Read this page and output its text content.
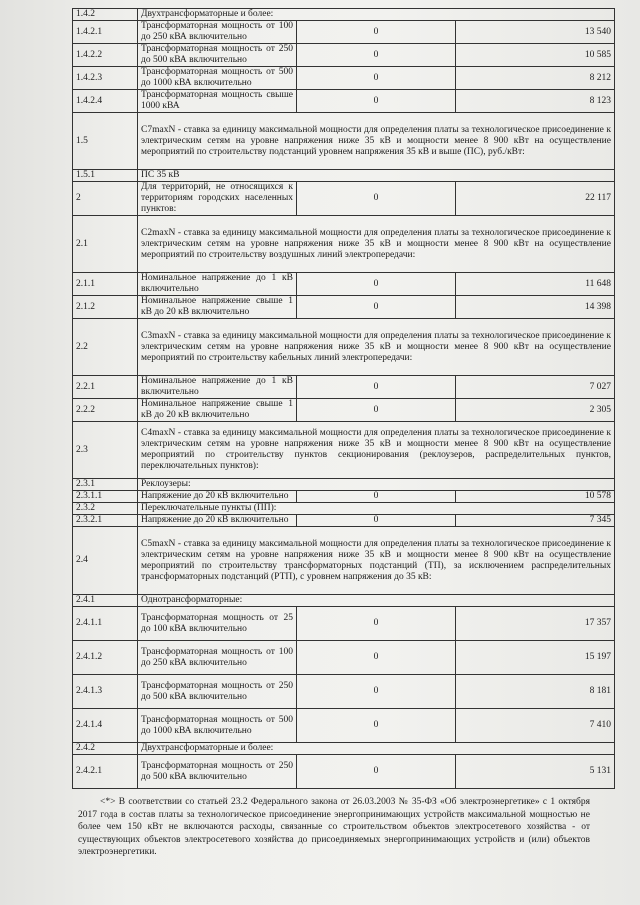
1.4.2	Двухтрансформаторные и более:		
1.4.2.1	Трансформаторная мощность от 100 до 250 кВА включительно	0	13 540
1.4.2.2	Трансформаторная мощность от 250 до 500 кВА включительно	0	10 585
1.4.2.3	Трансформаторная мощность от 500 до 1000 кВА включительно	0	8 212
1.4.2.4	Трансформаторная мощность свыше 1000 кВА	0	8 123
1.5	С7maxN - ставка за единицу максимальной мощности для определения платы за технологическое присоединение к электрическим сетям на уровне напряжения ниже 35 кВ и мощности менее 8 900 кВт на осуществление мероприятий по строительству подстанций уровнем напряжения 35 кВ и выше (ПС), руб./кВт:		
1.5.1	ПС 35 кВ		
2	Для территорий, не относящихся к территориям городских населенных пунктов:	0	22 117
2.1	С2maxN - ставка за единицу максимальной мощности для определения платы за технологическое присоединение к электрическим сетям на уровне напряжения ниже 35 кВ и мощности менее 8 900 кВт на осуществление мероприятий по строительству воздушных линий электропередачи:		
2.1.1	Номинальное напряжение до 1 кВ включительно	0	11 648
2.1.2	Номинальное напряжение свыше 1 кВ до 20 кВ включительно	0	14 398
2.2	С3maxN - ставка за единицу максимальной мощности для определения платы за технологическое присоединение к электрическим сетям на уровне напряжения ниже 35 кВ и мощности менее 8 900 кВт на осуществление мероприятий по строительству кабельных линий электропередачи:		
2.2.1	Номинальное напряжение до 1 кВ включительно	0	7 027
2.2.2	Номинальное напряжение свыше 1 кВ до 20 кВ включительно	0	2 305
2.3	С4maxN - ставка за единицу максимальной мощности для определения платы за технологическое присоединение к электрическим сетям на уровне напряжения ниже 35 кВ и мощности менее 8 900 кВт на осуществление мероприятий по строительству пунктов секционирования (реклоузеров, распределительных пунктов, переключательных пунктов):		
2.3.1	Реклоузеры:		
2.3.1.1	Напряжение до 20 кВ включительно	0	10 578
2.3.2	Переключательные пункты (ПП):		
2.3.2.1	Напряжение до 20 кВ включительно	0	7 345
2.4	С5maxN - ставка за единицу максимальной мощности для определения платы за технологическое присоединение к электрическим сетям на уровне напряжения ниже 35 кВ и мощности менее 8 900 кВт на осуществление мероприятий по строительству трансформаторных подстанций (ТП), за исключением распределительных трансформаторных подстанций (РТП), с уровнем напряжения до 35 кВ:		
2.4.1	Однотрансформаторные:		
2.4.1.1	Трансформаторная мощность от 25 до 100 кВА включительно	0	17 357
2.4.1.2	Трансформаторная мощность от 100 до 250 кВА включительно	0	15 197
2.4.1.3	Трансформаторная мощность от 250 до 500 кВА включительно	0	8 181
2.4.1.4	Трансформаторная мощность от 500 до 1000 кВА включительно	0	7 410
2.4.2	Двухтрансформаторные и более:		
2.4.2.1	Трансформаторная мощность от 250 до 500 кВА включительно	0	5 131
<*> В соответствии со статьей 23.2 Федерального закона от 26.03.2003 № 35-ФЗ «Об электроэнергетике» с 1 октября 2017 года в состав платы за технологическое присоединение энергопринимающих устройств максимальной мощностью не более чем 150 кВт не включаются расходы, связанные со строительством объектов электросетевого хозяйства - от существующих объектов электросетевого хозяйства до присоединяемых энергопринимающих устройств и (или) объектов электроэнергетики.
